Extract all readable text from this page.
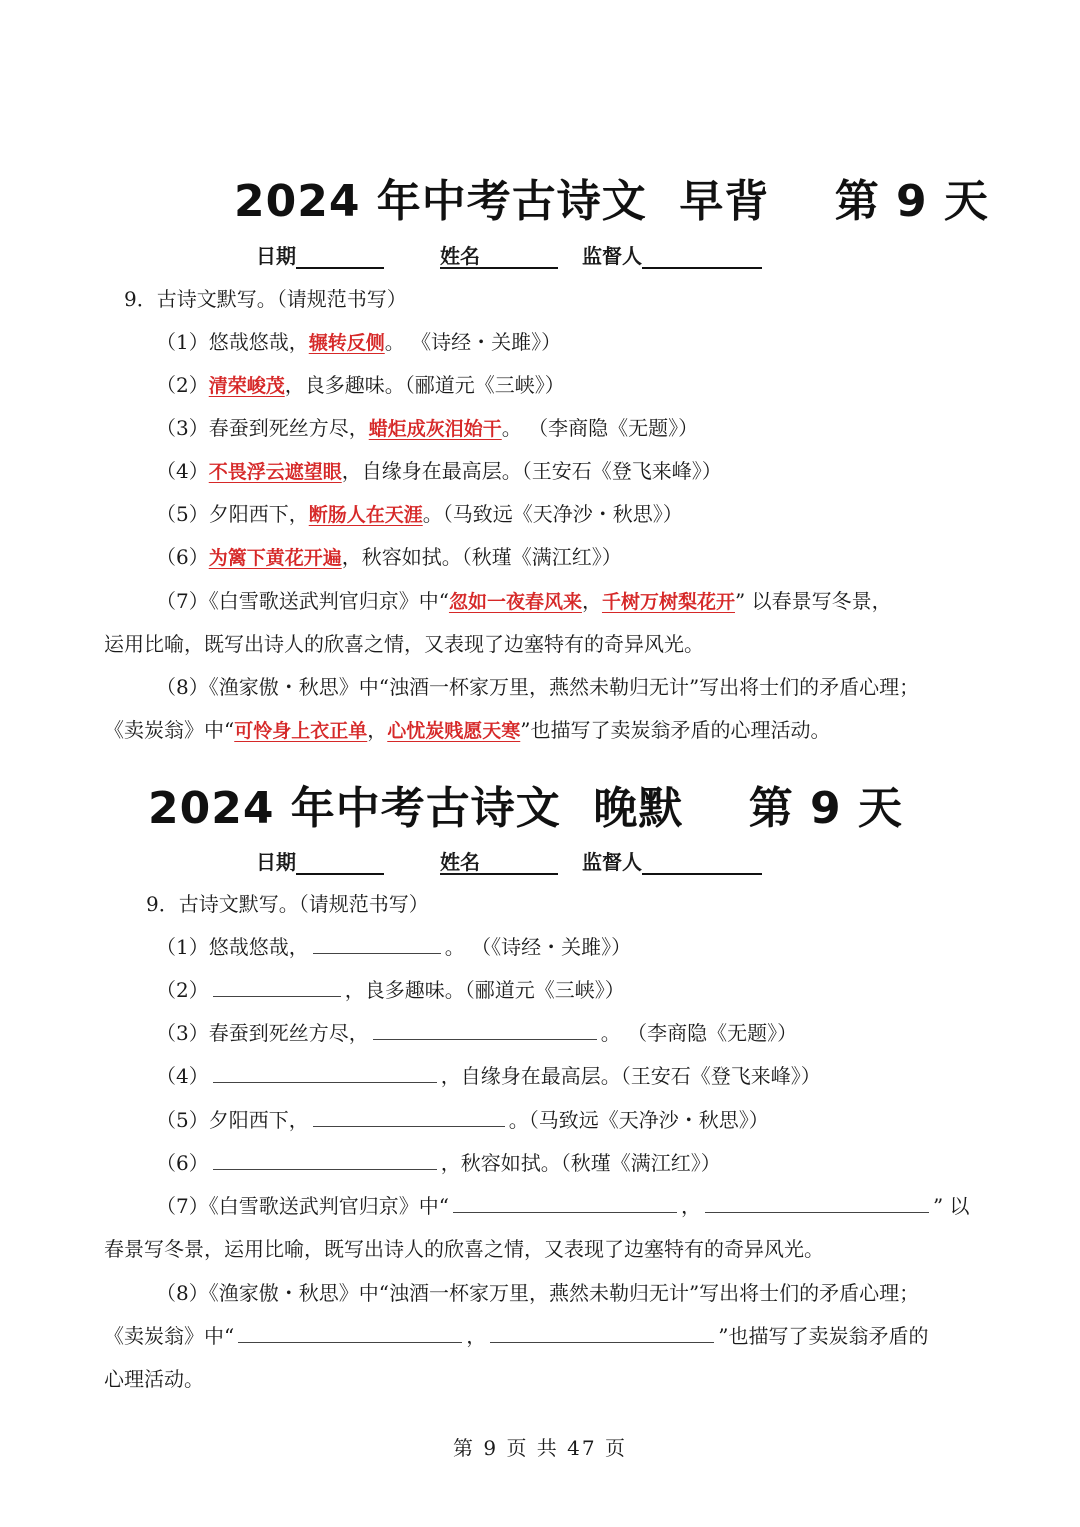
2024 年中考古诗文  早背    第 9 天
日期	姓名	监督人
9．古诗文默写。（请规范书写）
（1）悠哉悠哉，辗转反侧。 《诗经・关雎》）
（2）清荣峻茂，良多趣味。（郦道元《三峡》）
（3）春蚕到死丝方尽，蜡炬成灰泪始干。 （李商隐《无题》）
（4）不畏浮云遮望眼，自缘身在最高层。（王安石《登飞来峰》）
（5）夕阳西下，断肠人在天涯。（马致远《天净沙・秋思》）
（6）为篱下黄花开遍，秋容如拭。（秋瑾《满江红》）
（7）《白雪歌送武判官归京》中“忽如一夜春风来，千树万树梨花开” 以春景写冬景，
运用比喻，既写出诗人的欣喜之情，又表现了边塞特有的奇异风光。
（8）《渔家傲・秋思》中“浊酒一杯家万里，燕然未勒归无计”写出将士们的矛盾心理；
《卖炭翁》中“可怜身上衣正单，心忧炭贱愿天寒”也描写了卖炭翁矛盾的心理活动。
2024 年中考古诗文  晚默    第 9 天
日期	姓名	监督人
9．古诗文默写。（请规范书写）
（1）悠哉悠哉，	。 （《诗经・关雎》）
（2）	，良多趣味。（郦道元《三峡》）
（3）春蚕到死丝方尽，	。 （李商隐《无题》）
（4）	，自缘身在最高层。（王安石《登飞来峰》）
（5）夕阳西下，	。（马致远《天净沙・秋思》）
（6）	，秋容如拭。（秋瑾《满江红》）
（7）《白雪歌送武判官归京》中“	，	” 以
春景写冬景，运用比喻，既写出诗人的欣喜之情，又表现了边塞特有的奇异风光。
（8）《渔家傲・秋思》中“浊酒一杯家万里，燕然未勒归无计”写出将士们的矛盾心理；
《卖炭翁》中“	，	”也描写了卖炭翁矛盾的
心理活动。
第 9 页 共 47 页
